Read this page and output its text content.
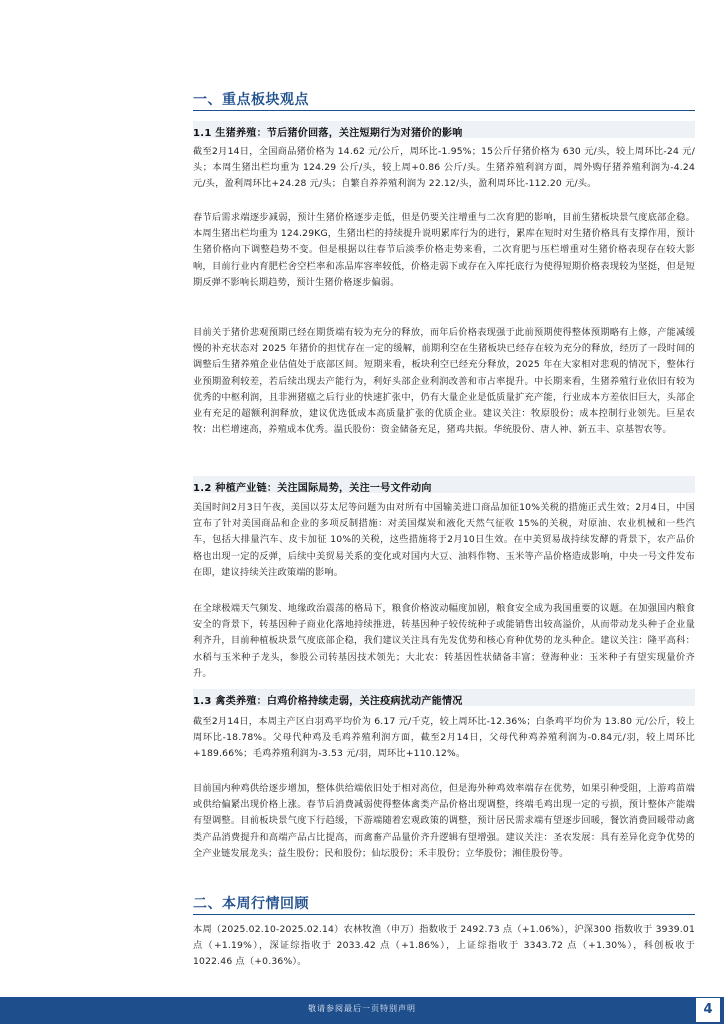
一、重点板块观点
1.1 生猪养殖：节后猪价回落，关注短期行为对猪价的影响

截至2月14日，全国商品猪价格为 14.62 元/公斤，周环比-1.95%；15公斤仔猪价格为 630 元/头，较上周环比-24 元/头；本周生猪出栏均重为 124.29 公斤/头，较上周+0.86 公斤/头。生猪养殖利润方面，周外购仔猪养殖利润为-4.24 元/头，盈利周环比+24.28 元/头；自繁自养养殖利润为 22.12/头，盈利周环比-112.20 元/头。

春节后需求端逐步减弱，预计生猪价格逐步走低，但是仍要关注增重与二次育肥的影响，目前生猪板块景气度底部企稳。本周生猪出栏均重为 124.29KG，生猪出栏的持续提升说明累库行为的进行，累库在短时对生猪价格具有支撑作用，预计生猪价格向下调整趋势不变。但是根据以往春节后淡季价格走势来看，二次育肥与压栏增重对生猪价格表现存在较大影响，目前行业内育肥栏舍空栏率和冻品库容率较低，价格走弱下或存在入库托底行为使得短期价格表现较为坚挺，但是短期反弹不影响长期趋势，预计生猪价格逐步偏弱。

目前关于猪价悲观预期已经在期货端有较为充分的释放，而年后价格表现强于此前预期使得整体预期略有上修，产能减缓慢的补充状态对 2025 年猪价的担忧存在一定的缓解，前期利空在生猪板块已经存在较为充分的释放，经历了一段时间的调整后生猪养殖企业估值处于底部区间。短期来看，板块利空已经充分释放，2025 年在大家相对悲观的情况下，整体行业预期盈利较差，若后续出现去产能行为，利好头部企业利润改善和市占率提升。中长期来看，生猪养殖行业依旧有较为优秀的中枢利润，且非洲猪瘟之后行业的快速扩张中，仍有大量企业是低质量扩充产能，行业成本方差依旧巨大，头部企业有充足的超额利润释放，建议优选低成本高质量扩张的优质企业。建议关注：牧原股份；成本控制行业领先。巨星农牧：出栏增速高，养殖成本优秀。温氏股份：资金储备充足，猪鸡共振。华统股份、唐人神、新五丰、京基智农等。

1.2 种植产业链：关注国际局势，关注一号文件动向

美国时间2月3日午夜，美国以芬太尼等问题为由对所有中国输美进口商品加征10%关税的措施正式生效；2月4日，中国宣布了针对美国商品和企业的多项反制措施：对美国煤炭和液化天然气征收 15%的关税，对原油、农业机械和一些汽车，包括大排量汽车、皮卡加征 10%的关税，这些措施将于2月10日生效。在中美贸易战持续发酵的背景下，农产品价格也出现一定的反弹，后续中美贸易关系的变化或对国内大豆、油料作物、玉米等产品价格造成影响，中央一号文件发布在即，建议持续关注政策端的影响。

在全球极端天气频发、地缘政治震荡的格局下，粮食价格波动幅度加剧，粮食安全成为我国重要的议题。在加强国内粮食安全的背景下，转基因种子商业化落地持续推进，转基因种子较传统种子或能销售出较高溢价，从而带动龙头种子企业量利齐升，目前种植板块景气度底部企稳，我们建议关注具有先发优势和核心育种优势的龙头种企。建议关注：隆平高科：水稻与玉米种子龙头，参股公司转基因技术领先；大北农：转基因性状储备丰富；登海种业：玉米种子有望实现量价齐升。

1.3 禽类养殖：白鸡价格持续走弱，关注疫病扰动产能情况

截至2月14日，本周主产区白羽鸡平均价为 6.17 元/千克，较上周环比-12.36%；白条鸡平均价为 13.80 元/公斤，较上周环比-18.78%。父母代种鸡及毛鸡养殖利润方面，截至2月14日，父母代种鸡养殖利润为-0.84元/羽，较上周环比+189.66%；毛鸡养殖利润为-3.53 元/羽，周环比+110.12%。

目前国内种鸡供给逐步增加，整体供给端依旧处于相对高位，但是海外种鸡效率端存在优势，如果引种受阻，上游鸡苗端或供给偏紧出现价格上涨。春节后消费减弱使得整体禽类产品价格出现调整，终端毛鸡出现一定的亏损，预计整体产能端有望调整。目前板块景气度下行趋缓，下游端随着宏观政策的调整，预计居民需求端有望逐步回暖，餐饮消费回暖带动禽类产品消费提升和高端产品占比提高，而禽畜产品量价齐升逻辑有望增强。建议关注：圣农发展：具有差异化竞争优势的全产业链发展龙头；益生股份；民和股份；仙坛股份；禾丰股份；立华股份；湘佳股份等。

二、本周行情回顾

本周（2025.02.10-2025.02.14）农林牧渔（申万）指数收于 2492.73 点（+1.06%），沪深300 指数收于 3939.01 点（+1.19%），深证综指收于 2033.42 点（+1.86%），上证综指收于 3343.72 点（+1.30%），科创板收于 1022.46 点（+0.36%）。

敬请参阅最后一页特别声明	4
